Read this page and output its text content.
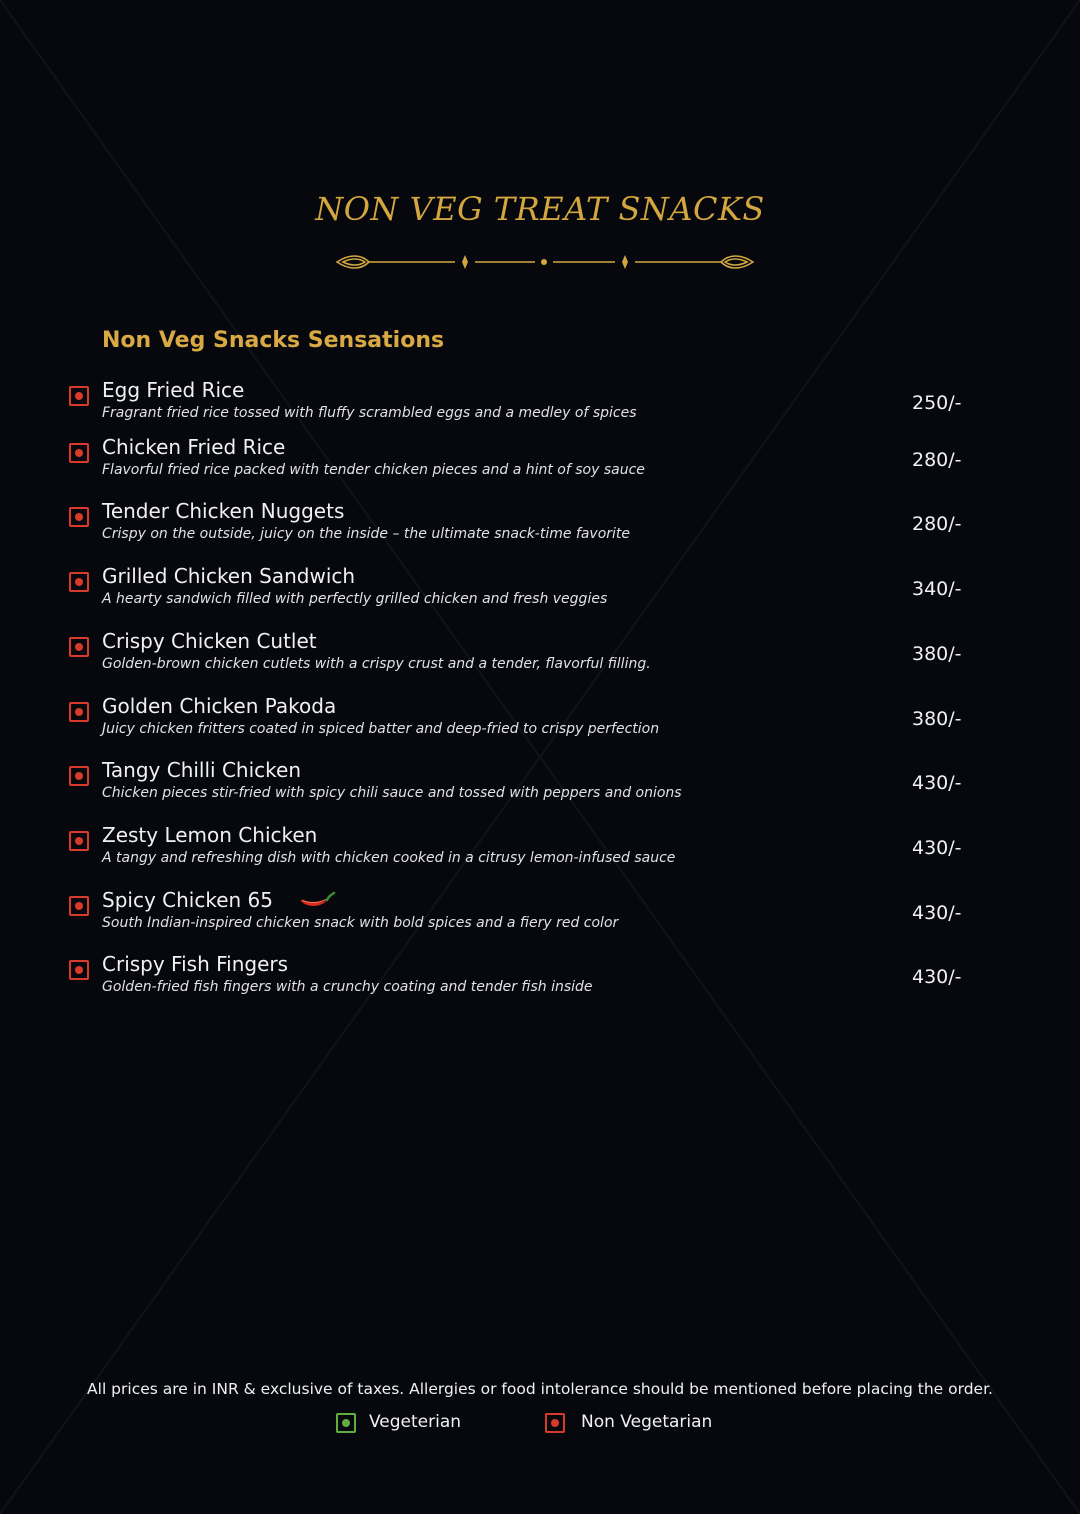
NON VEG TREAT SNACKS
Non Veg Snacks Sensations
Egg Fried Rice
Fragrant fried rice tossed with fluffy scrambled eggs and a medley of spices	250/-
Chicken Fried Rice
Flavorful fried rice packed with tender chicken pieces and a hint of soy sauce	280/-
Tender Chicken Nuggets
Crispy on the outside, juicy on the inside – the ultimate snack-time favorite	280/-
Grilled Chicken Sandwich
A hearty sandwich filled with perfectly grilled chicken and fresh veggies	340/-
Crispy Chicken Cutlet
Golden-brown chicken cutlets with a crispy crust and a tender, flavorful filling.	380/-
Golden Chicken Pakoda
Juicy chicken fritters coated in spiced batter and deep-fried to crispy perfection	380/-
Tangy Chilli Chicken
Chicken pieces stir-fried with spicy chili sauce and tossed with peppers and onions	430/-
Zesty Lemon Chicken
A tangy and refreshing dish with chicken cooked in a citrusy lemon-infused sauce	430/-
Spicy Chicken 65
South Indian-inspired chicken snack with bold spices and a fiery red color	430/-
Crispy Fish Fingers
Golden-fried fish fingers with a crunchy coating and tender fish inside	430/-
All prices are in INR & exclusive of taxes. Allergies or food intolerance should be mentioned before placing the order.
Vegeterian	Non Vegetarian
